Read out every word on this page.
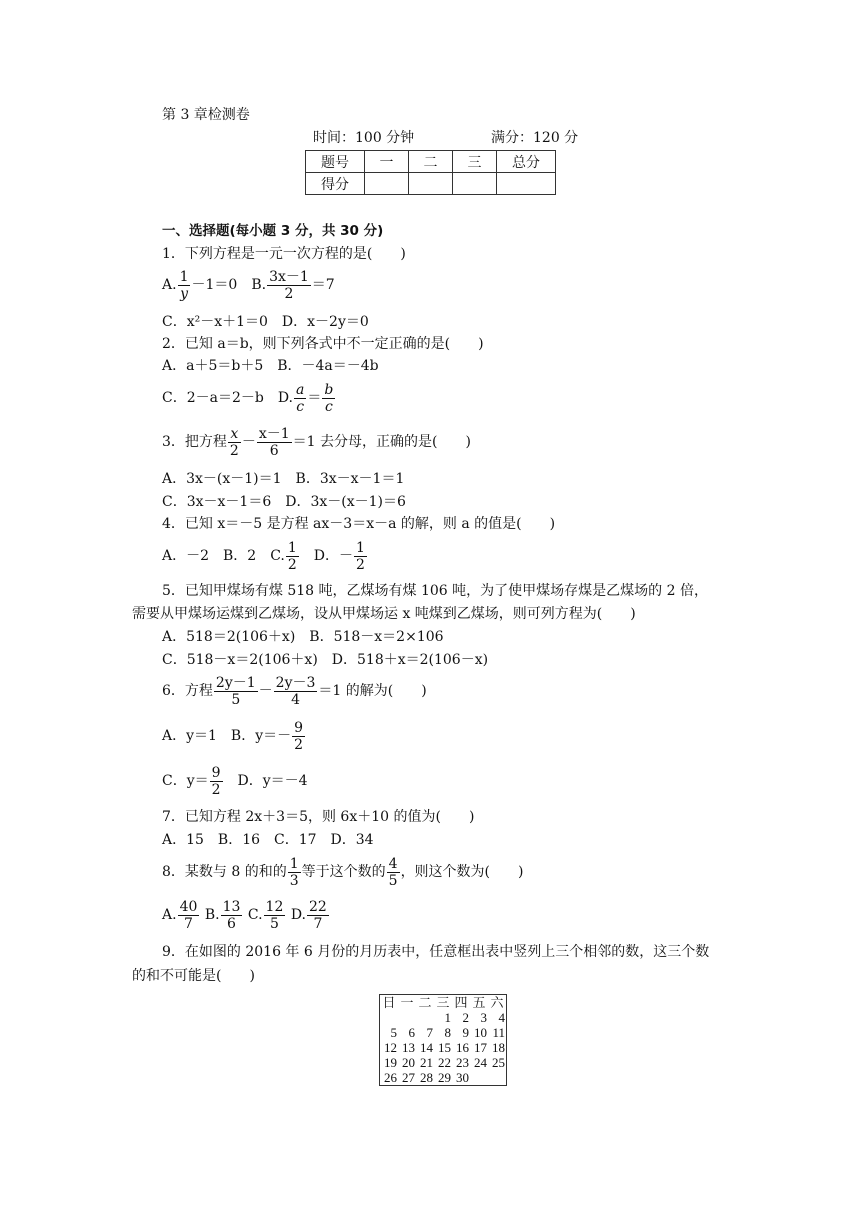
第 3 章检测卷
时间：100 分钟	满分：120 分
题号	一	二	三	总分
得分				
一、选择题(每小题 3 分，共 30 分)
1．下列方程是一元一次方程的是(　　)
A. $\frac{1}{y} -1=0$　 B. $\frac{3x-1}{2} =7$
C．x²－x＋1＝0　D．x－2y＝0
2．已知 a＝b，则下列各式中不一定正确的是(　　)
A．a＋5＝b＋5　B．－4a＝－4b
C．2－a＝2－b　D. $\frac{a}{c} = \frac{b}{c}$
3．把方程 $\frac{x}{2} - \frac{x-1}{6} =1$ 去分母，正确的是(　　)
A．3x－(x－1)＝1　B．3x－x－1＝1
C．3x－x－1＝6　D．3x－(x－1)＝6
4．已知 x＝－5 是方程 ax－3＝x－a 的解，则 a 的值是(　　)
A．－2　B．2　C. $\frac{1}{2}$ 　D．－ $\frac{1}{2}$
5．已知甲煤场有煤 518 吨，乙煤场有煤 106 吨，为了使甲煤场存煤是乙煤场的 2 倍，
需要从甲煤场运煤到乙煤场，设从甲煤场运 x 吨煤到乙煤场，则可列方程为(　　)
A．518＝2(106＋x)　B．518－x＝2×106
C．518－x＝2(106＋x)　D．518＋x＝2(106－x)
6．方程 $\frac{2y-1}{5} - \frac{2y-3}{4} =1$ 的解为(　　)
A．y＝1　B．$y=- \frac{9}{2}$
C．$y= \frac{9}{2}$ 　D．y＝－4
7．已知方程 2x＋3＝5，则 6x＋10 的值为(　　)
A．15　B．16　C．17　D．34
8．某数与 8 的和的 $\frac{1}{3}$ 等于这个数的 $\frac{4}{5}$ ，则这个数为(　　)
A. $\frac{40}{7} B$. $\frac{13}{6} C$. $\frac{12}{5} D$. $\frac{22}{7}$
9．在如图的 2016 年 6 月份的月历表中，任意框出表中竖列上三个相邻的数，这三个数
的和不可能是(　　)
日	一	二	三	四	五	六
			1	2	3	4
5	6	7	8	9	10	11
12	13	14	15	16	17	18
19	20	21	22	23	24	25
26	27	28	29	30		
